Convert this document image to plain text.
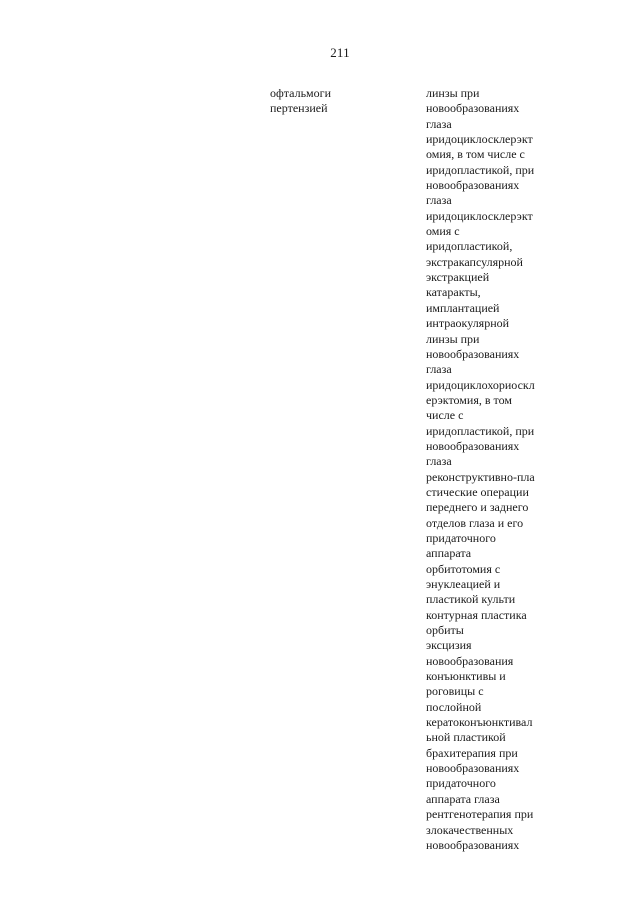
211
офтальмоги
пертензией
линзы при
новообразованиях
глаза
иридоциклосклерэкт
омия, в том числе с
иридопластикой, при
новообразованиях
глаза
иридоциклосклерэкт
омия с
иридопластикой,
экстракапсулярной
экстракцией
катаракты,
имплантацией
интраокулярной
линзы при
новообразованиях
глаза
иридоциклохориоскл
ерэктомия, в том
числе с
иридопластикой, при
новообразованиях
глаза
реконструктивно-пла
стические операции
переднего и заднего
отделов глаза и его
придаточного
аппарата
орбитотомия с
энуклеацией и
пластикой культи
контурная пластика
орбиты
эксцизия
новообразования
конъюнктивы и
роговицы с
послойной
кератоконъюнктивал
ьной пластикой
брахитерапия при
новообразованиях
придаточного
аппарата глаза
рентгенотерапия при
злокачественных
новообразованиях
